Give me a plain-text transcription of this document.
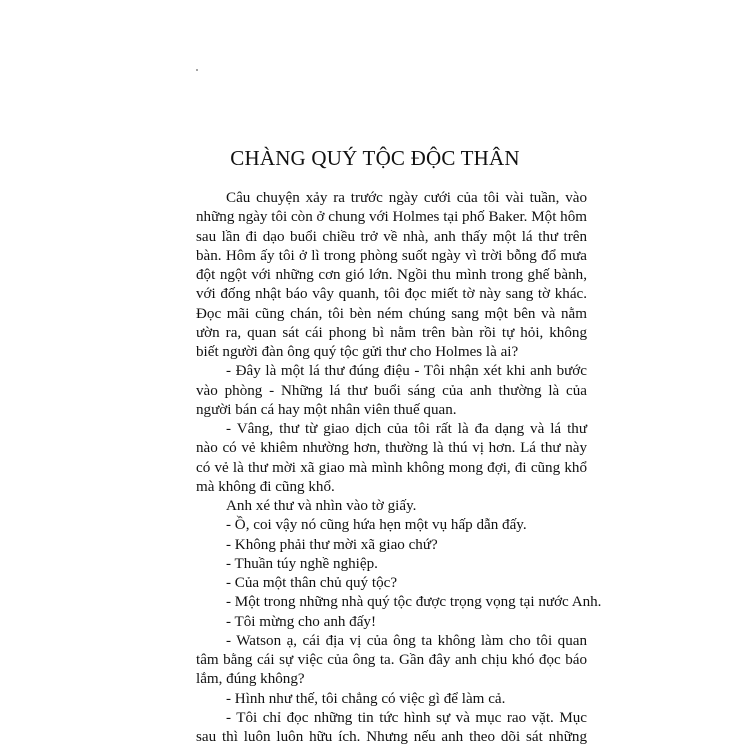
CHÀNG QUÝ TỘC ĐỘC THÂN
Câu chuyện xảy ra trước ngày cưới của tôi vài tuần, vào
những ngày tôi còn ở chung với Holmes tại phố Baker. Một hôm
sau lần đi dạo buổi chiều trở về nhà, anh thấy một lá thư trên
bàn. Hôm ấy tôi ở lì trong phòng suốt ngày vì trời bỗng đổ mưa
đột ngột với những cơn gió lớn. Ngồi thu mình trong ghế bành,
với đống nhật báo vây quanh, tôi đọc miết tờ này sang tờ khác.
Đọc mãi cũng chán, tôi bèn ném chúng sang một bên và nằm
ườn ra, quan sát cái phong bì nằm trên bàn rồi tự hỏi, không
biết người đàn ông quý tộc gửi thư cho Holmes là ai?
- Đây là một lá thư đúng điệu - Tôi nhận xét khi anh bước
vào phòng - Những lá thư buổi sáng của anh thường là của
người bán cá hay một nhân viên thuế quan.
- Vâng, thư từ giao dịch của tôi rất là đa dạng và lá thư
nào có vẻ khiêm nhường hơn, thường là thú vị hơn. Lá thư này
có vẻ là thư mời xã giao mà mình không mong đợi, đi cũng khổ
mà không đi cũng khổ.
Anh xé thư và nhìn vào tờ giấy.
- Ồ, coi vậy nó cũng hứa hẹn một vụ hấp dẫn đấy.
- Không phải thư mời xã giao chứ?
- Thuần túy nghề nghiệp.
- Của một thân chủ quý tộc?
- Một trong những nhà quý tộc được trọng vọng tại nước Anh.
- Tôi mừng cho anh đấy!
- Watson ạ, cái địa vị của ông ta không làm cho tôi quan
tâm bằng cái sự việc của ông ta. Gần đây anh chịu khó đọc báo
lắm, đúng không?
- Hình như thế, tôi chẳng có việc gì để làm cả.
- Tôi chỉ đọc những tin tức hình sự và mục rao vặt. Mục
sau thì luôn luôn hữu ích. Nhưng nếu anh theo dõi sát những
